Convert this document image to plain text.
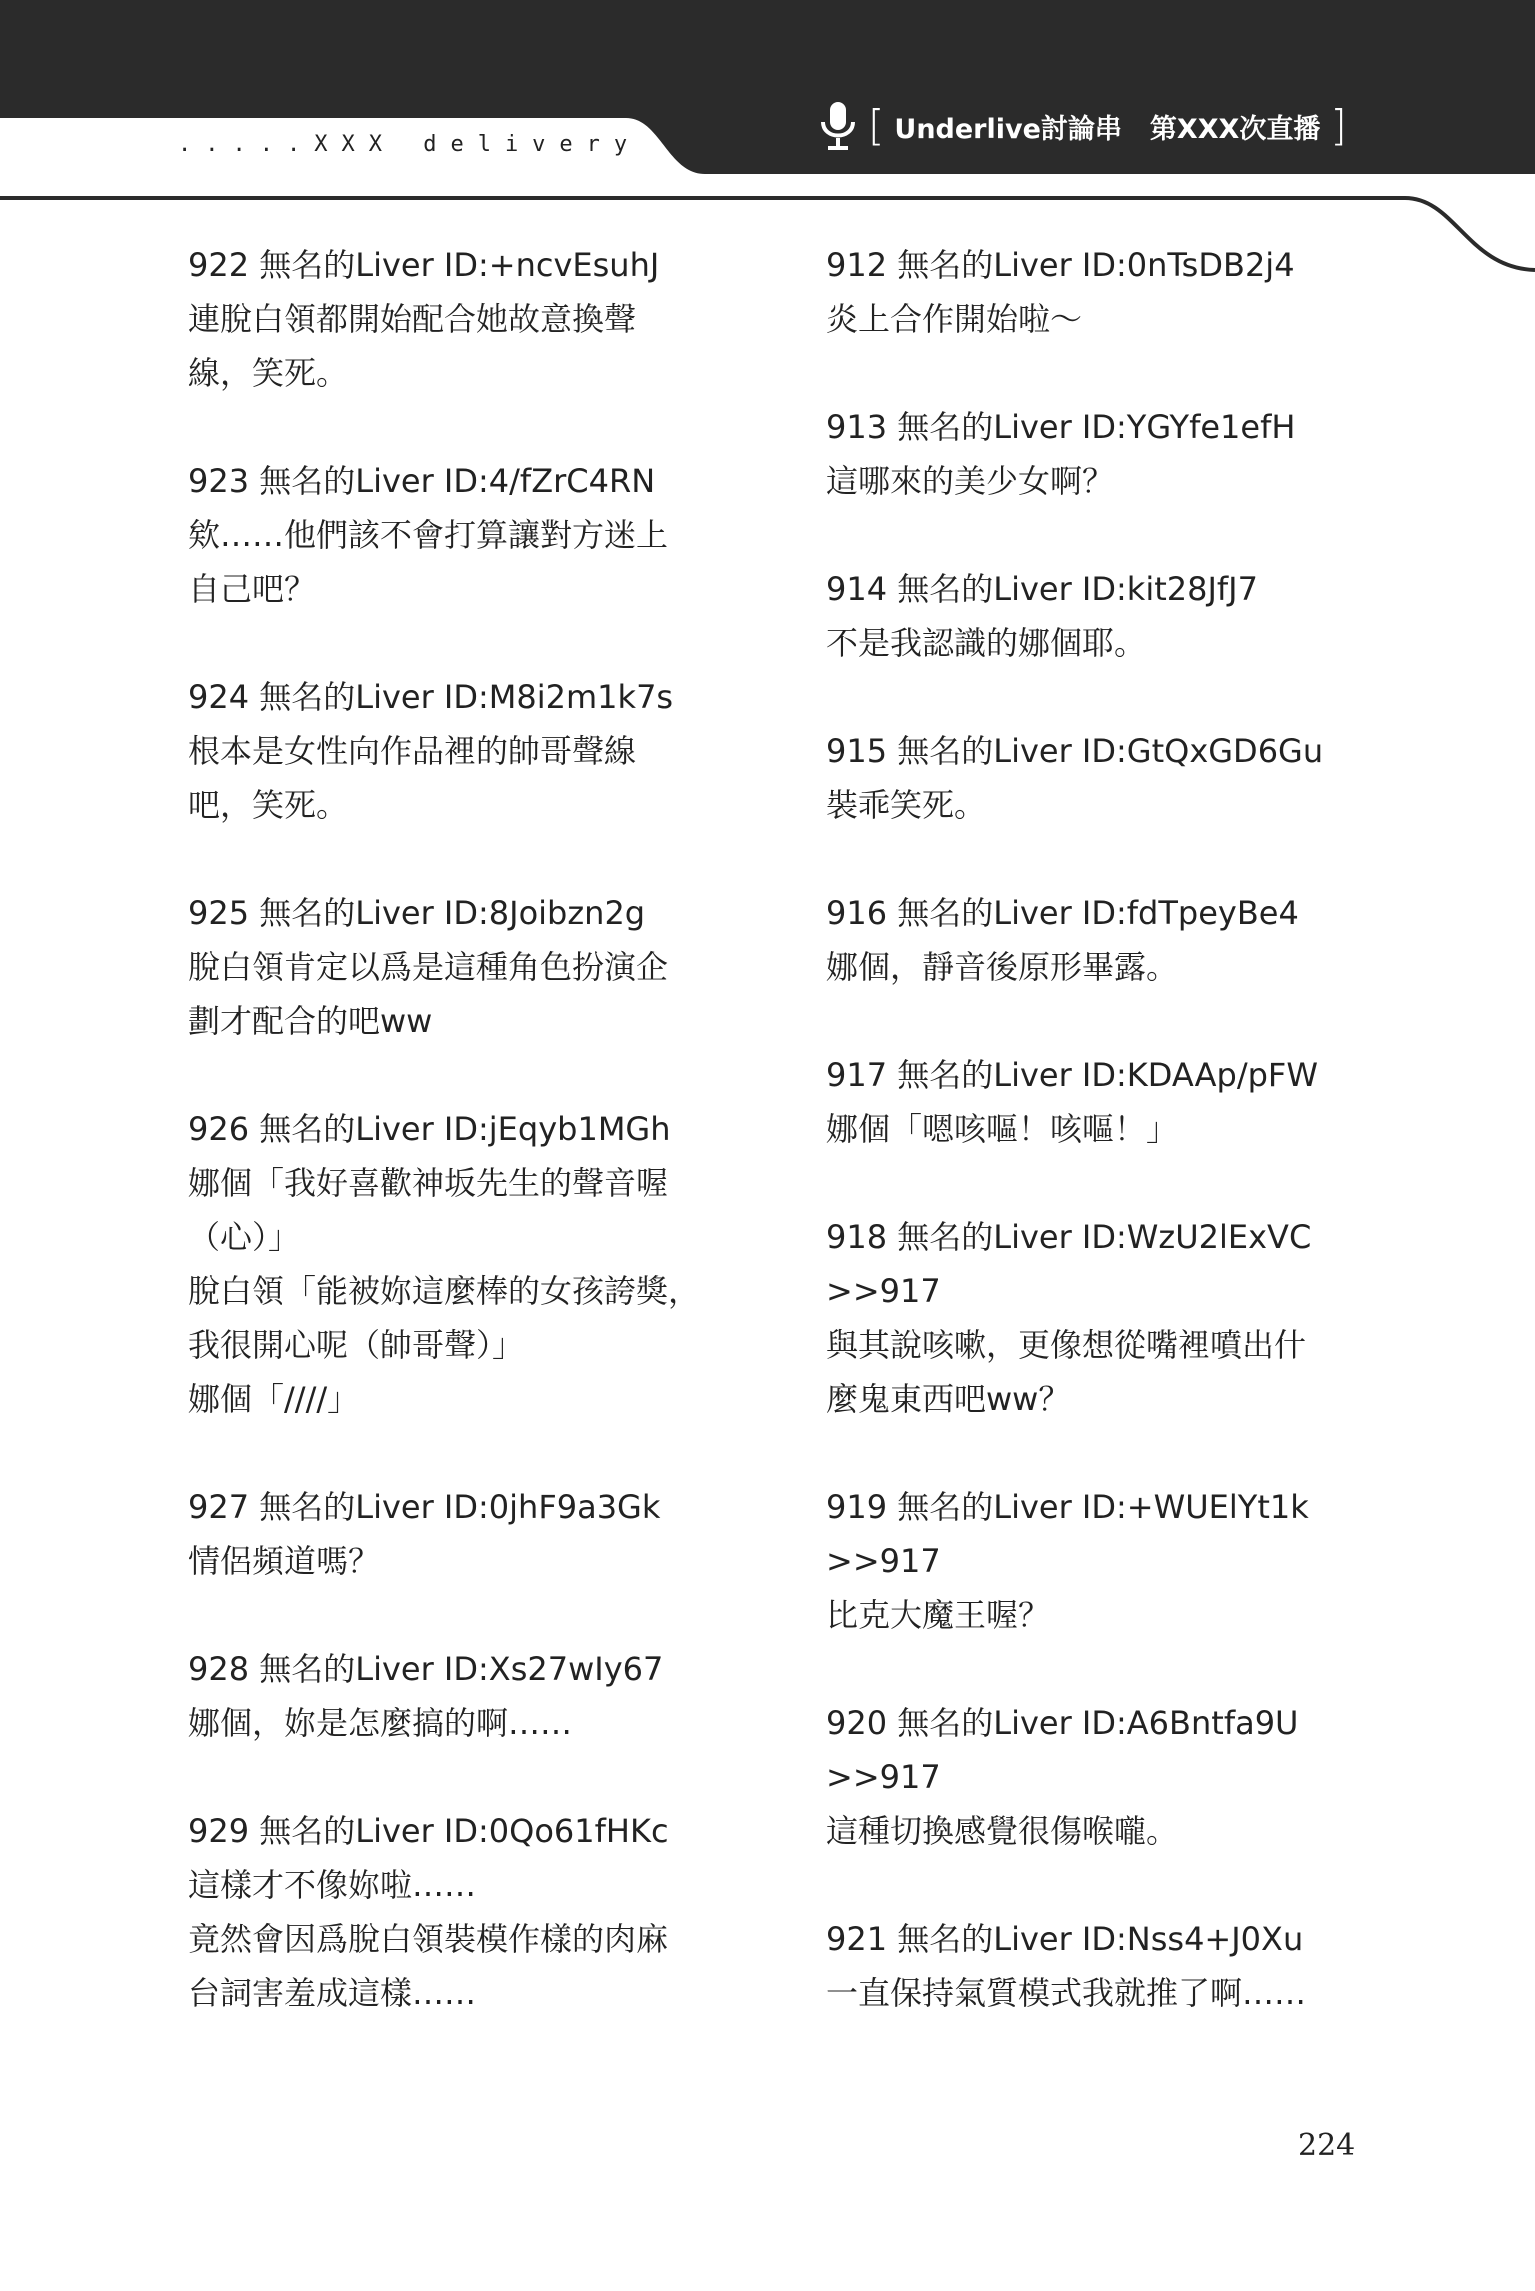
.....XXX delivery	[ Underlive討論串 第XXX次直播 ]
922 無名的Liver ID:+ncvEsuhJ
連脫白領都開始配合她故意換聲
線，笑死。
923 無名的Liver ID:4/fZrC4RN
欸……他們該不會打算讓對方迷上
自己吧？
924 無名的Liver ID:M8i2m1k7s
根本是女性向作品裡的帥哥聲線
吧，笑死。
925 無名的Liver ID:8Joibzn2g
脫白領肯定以爲是這種角色扮演企
劃才配合的吧ww
926 無名的Liver ID:jEqyb1MGh
娜個「我好喜歡神坂先生的聲音喔
（心）」
脫白領「能被妳這麼棒的女孩誇獎，
我很開心呢（帥哥聲）」
娜個「////」
927 無名的Liver ID:0jhF9a3Gk
情侶頻道嗎？
928 無名的Liver ID:Xs27wIy67
娜個，妳是怎麼搞的啊……
929 無名的Liver ID:0Qo61fHKc
這樣才不像妳啦……
竟然會因爲脫白領裝模作樣的肉麻
台詞害羞成這樣……
912 無名的Liver ID:0nTsDB2j4
炎上合作開始啦～
913 無名的Liver ID:YGYfe1efH
這哪來的美少女啊？
914 無名的Liver ID:kit28JfJ7
不是我認識的娜個耶。
915 無名的Liver ID:GtQxGD6Gu
裝乖笑死。
916 無名的Liver ID:fdTpeyBe4
娜個，靜音後原形畢露。
917 無名的Liver ID:KDAAp/pFW
娜個「嗯咳嘔！咳嘔！」
918 無名的Liver ID:WzU2lExVC
>>917
與其說咳嗽，更像想從嘴裡噴出什
麼鬼東西吧ww？
919 無名的Liver ID:+WUElYt1k
>>917
比克大魔王喔？
920 無名的Liver ID:A6Bntfa9U
>>917
這種切換感覺很傷喉嚨。
921 無名的Liver ID:Nss4+J0Xu
一直保持氣質模式我就推了啊……
224
